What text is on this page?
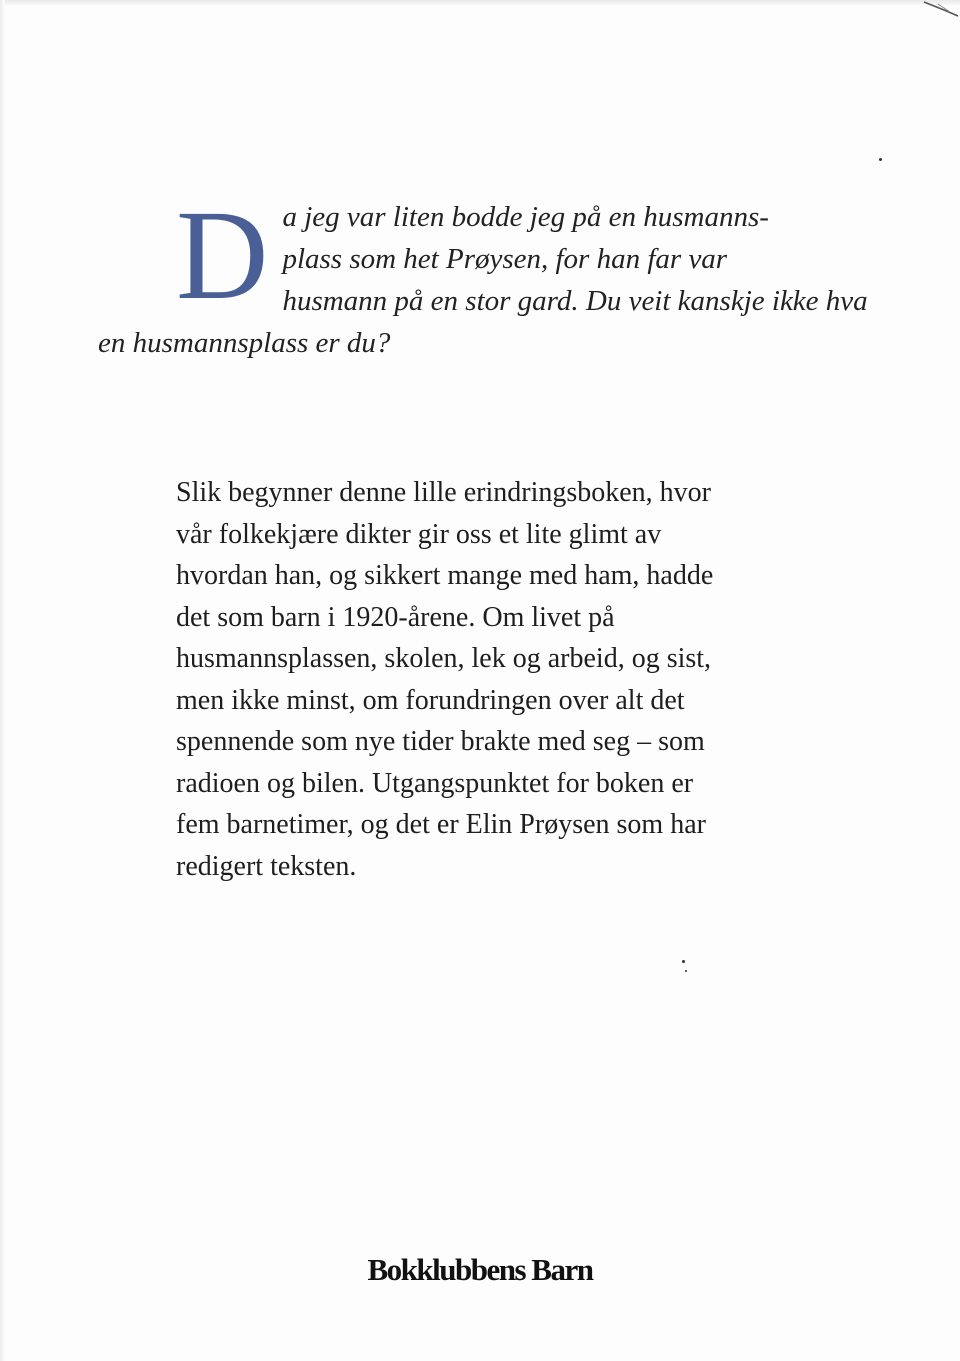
D a jeg var liten bodde jeg på en husmanns-
plass som het Prøysen, for han far var
husmann på en stor gard. Du veit kanskje ikke hva
en husmannsplass er du?

Slik begynner denne lille erindringsboken, hvor
vår folkekjære dikter gir oss et lite glimt av
hvordan han, og sikkert mange med ham, hadde
det som barn i 1920-årene. Om livet på
husmannsplassen, skolen, lek og arbeid, og sist,
men ikke minst, om forundringen over alt det
spennende som nye tider brakte med seg – som
radioen og bilen. Utgangspunktet for boken er
fem barnetimer, og det er Elin Prøysen som har
redigert teksten.

Bokklubbens Barn
